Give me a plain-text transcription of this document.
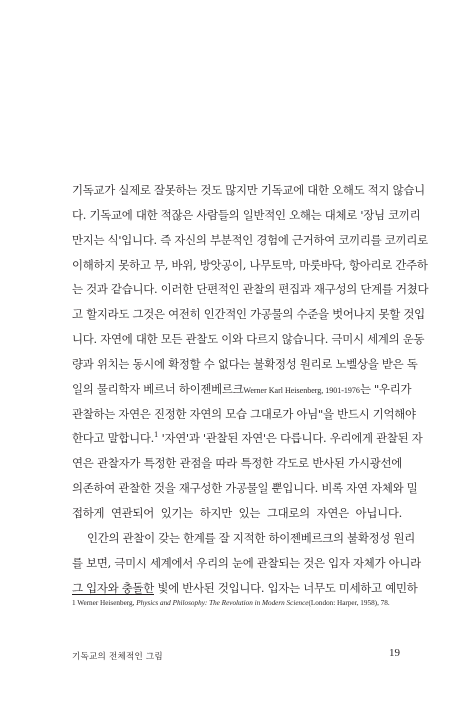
기독교가 실제로 잘못하는 것도 많지만 기독교에 대한 오해도 적지 않습니
다. 기독교에 대한 적잖은 사람들의 일반적인 오해는 대체로 '장님 코끼리
만지는 식'입니다. 즉 자신의 부분적인 경험에 근거하여 코끼리를 코끼리로
이해하지 못하고 무, 바위, 방앗공이, 나무토막, 마룻바닥, 항아리로 간주하
는 것과 같습니다. 이러한 단편적인 관찰의 편집과 재구성의 단계를 거쳤다
고 할지라도 그것은 여전히 인간적인 가공물의 수준을 벗어나지 못할 것입
니다. 자연에 대한 모든 관찰도 이와 다르지 않습니다. 극미시 세계의 운동
량과 위치는 동시에 확정할 수 없다는 불확정성 원리로 노벨상을 받은 독
일의 물리학자 베르너 하이젠베르크Werner Karl Heisenberg, 1901-1976는 "우리가
관찰하는 자연은 진정한 자연의 모습 그대로가 아님"을 반드시 기억해야
한다고 말합니다.$^1$ '자연'과 '관찰된 자연'은 다릅니다. 우리에게 관찰된 자
연은 관찰자가 특정한 관점을 따라 특정한 각도로 반사된 가시광선에
의존하여 관찰한 것을 재구성한 가공물일 뿐입니다. 비록 자연 자체와 밀
접하게 연관되어 있기는 하지만 있는 그대로의 자연은 아닙니다.
인간의 관찰이 갖는 한계를 잘 지적한 하이젠베르크의 불확정성 원리
를 보면, 극미시 세계에서 우리의 눈에 관찰되는 것은 입자 자체가 아니라
그 입자와 충돌한 빛에 반사된 것입니다. 입자는 너무도 미세하고 예민하
1 Werner Heisenberg, Physics and Philosophy: The Revolution in Modern Science(London: Harper, 1958), 78.
기독교의 전체적인 그림	19
